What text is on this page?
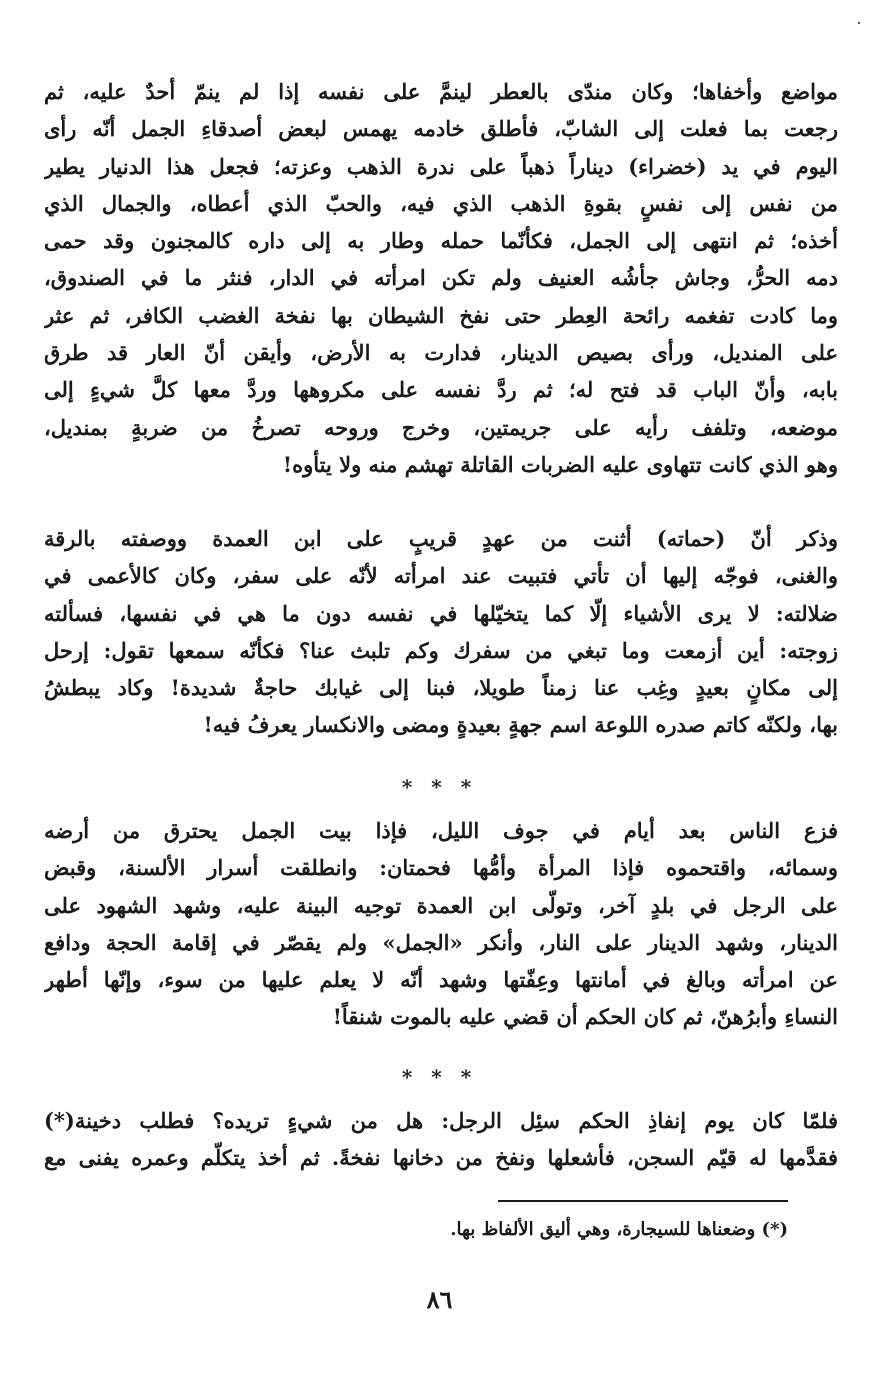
مواضع وأخفاها؛ وكان مندّى بالعطر لينمَّ على نفسه إذا لم ينمّ أحدٌ عليه، ثم
رجعت بما فعلت إلى الشابّ، فأطلق خادمه يهمس لبعض أصدقاءِ الجمل أنّه رأى
اليوم في يد (خضراء) ديناراً ذهباً على ندرة الذهب وعزته؛ فجعل هذا الدنيار يطير
من نفس إلى نفسٍ بقوةِ الذهب الذي فيه، والحبّ الذي أعطاه، والجمال الذي
أخذه؛ ثم انتهى إلى الجمل، فكأنّما حمله وطار به إلى داره كالمجنون وقد حمى
دمه الحرُّ، وجاش جأشُه العنيف ولم تكن امرأته في الدار، فنثر ما في الصندوق،
وما كادت تفغمه رائحة العِطر حتى نفخ الشيطان بها نفخة الغضب الكافر، ثم عثر
على المنديل، ورأى بصيص الدينار، فدارت به الأرض، وأيقن أنّ العار قد طرق
بابه، وأنّ الباب قد فتح له؛ ثم ردَّ نفسه على مكروهها وردَّ معها كلَّ شيءٍ إلى
موضعه، وتلفف رأيه على جريمتين، وخرج وروحه تصرخُ من ضربةٍ بمنديل،
وهو الذي كانت تتهاوى عليه الضربات القاتلة تهشم منه ولا يتأوه!
وذكر أنّ (حماته) أثنت من عهدٍ قريبٍ على ابن العمدة ووصفته بالرقة
والغنى، فوجّه إليها أن تأتي فتبيت عند امرأته لأنّه على سفر، وكان كالأعمى في
ضلالته: لا يرى الأشياء إلّا كما يتخيّلها في نفسه دون ما هي في نفسها، فسألته
زوجته: أين أزمعت وما تبغي من سفرك وكم تلبث عنا؟ فكأنّه سمعها تقول: إرحل
إلى مكانٍ بعيدٍ وغِب عنا زمناً طويلا، فبنا إلى غيابك حاجةٌ شديدة! وكاد يبطشُ
بها، ولكنّه كاتم صدره اللوعة اسم جهةٍ بعيدةٍ ومضى والانكسار يعرفُ فيه!
* * *
فزع الناس بعد أيام في جوف الليل، فإذا بيت الجمل يحترق من أرضه
وسمائه، واقتحموه فإذا المرأة وأمُّها فحمتان: وانطلقت أسرار الألسنة، وقبض
على الرجل في بلدٍ آخر، وتولّى ابن العمدة توجيه البينة عليه، وشهد الشهود على
الدينار، وشهد الدينار على النار، وأنكر «الجمل» ولم يقصّر في إقامة الحجة ودافع
عن امرأته وبالغ في أمانتها وعِفّتها وشهد أنّه لا يعلم عليها من سوء، وإنّها أطهر
النساءِ وأبرُهنّ، ثم كان الحكم أن قضي عليه بالموت شنقاً!
* * *
فلمّا كان يوم إنفاذِ الحكم سئِل الرجل: هل من شيءٍ تريده؟ فطلب دخينة(*)
فقدَّمها له قيّم السجن، فأشعلها ونفخ من دخانها نفخةً. ثم أخذ يتكلّم وعمره يفنى مع
(*) وضعناها للسيجارة، وهي أليق الألفاظ بها.
٨٦
